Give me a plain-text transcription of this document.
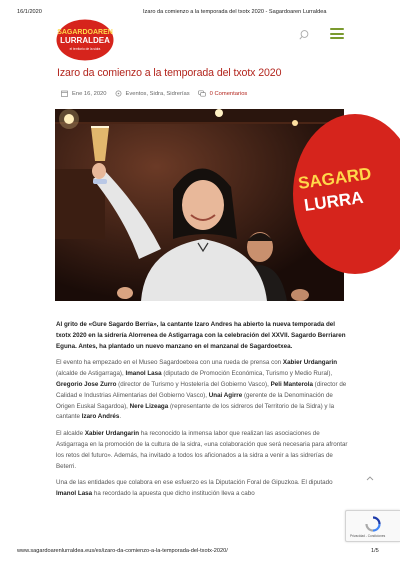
16/1/2020	Izaro da comienzo a la temporada del txotx 2020 - Sagardoaren Lurraldea
SAGARDOAREN
LURRALDEA
el territorio de la sidra
Izaro da comienzo a la temporada del txotx 2020
Ene 16, 2020	Eventos, Sidra, Sidrerías	0 Comentarios
SAGARD
LURRA

Al grito de «Gure Sagardo Berria», la cantante Izaro Andres ha abierto la nueva temporada del txotx 2020 en la sidrería Alorrenea de Astigarraga con la celebración del XXVII. Sagardo Berriaren Eguna. Antes, ha plantado un nuevo manzano en el manzanal de Sagardoetxea.

El evento ha empezado en el Museo Sagardoetxea con una rueda de prensa con Xabier Urdangarin (alcalde de Astigarraga), Imanol Lasa (diputado de Promoción Económica, Turismo y Medio Rural), Gregorio Jose Zurro (director de Turismo y Hostelería del Gobierno Vasco), Peli Manterola (director de Calidad e Industrias Alimentarias del Gobierno Vasco), Unai Agirre (gerente de la Denominación de Origen Euskal Sagardoa), Nere Lizeaga (representante de los sidreros del Territorio de la Sidra) y la cantante Izaro Andrés.

El alcalde Xabier Urdangarin ha reconocido la inmensa labor que realizan las asociaciones de Astigarraga en la promoción de la cultura de la sidra, «una colaboración que será necesaria para afrontar los retos del futuro». Además, ha invitado a todos los aficionados a la sidra a venir a las sidrerías de Beterri.

Una de las entidades que colabora en ese esfuerzo es la Diputación Foral de Gipuzkoa. El diputado Imanol Lasa ha recordado la apuesta que dicho institución lleva a cabo

Privacidad - Condiciones
www.sagardoarenlurraldea.eus/es/izaro-da-comienzo-a-la-temporada-del-txotx-2020/	1/5
